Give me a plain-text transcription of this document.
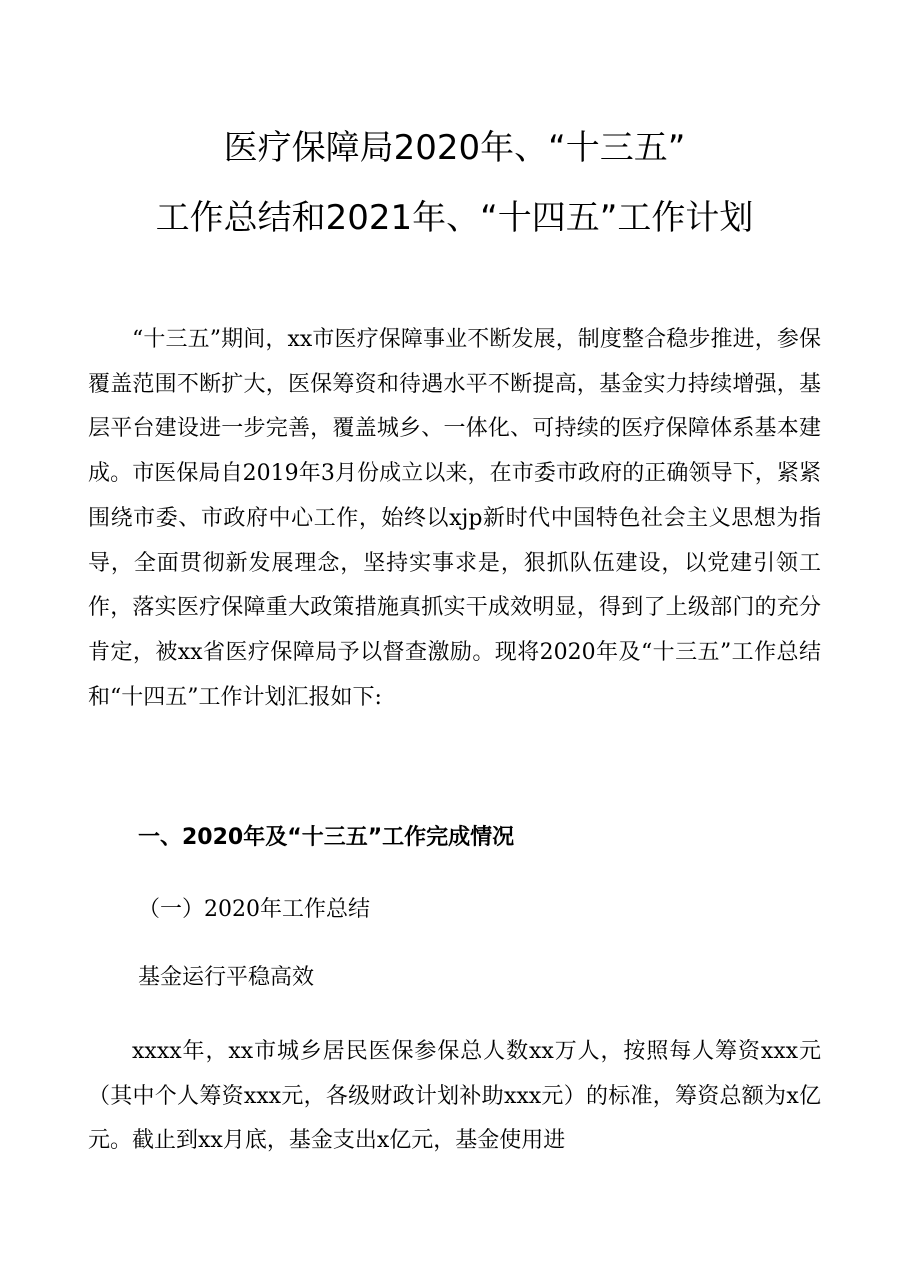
医疗保障局2020年、“十三五”
工作总结和2021年、“十四五”工作计划

“十三五”期间，xx市医疗保障事业不断发展，制度整合稳步推进，参保覆盖范围不断扩大，医保筹资和待遇水平不断提高，基金实力持续增强，基层平台建设进一步完善，覆盖城乡、一体化、可持续的医疗保障体系基本建成。市医保局自2019年3月份成立以来，在市委市政府的正确领导下，紧紧围绕市委、市政府中心工作，始终以xjp新时代中国特色社会主义思想为指导，全面贯彻新发展理念，坚持实事求是，狠抓队伍建设，以党建引领工作，落实医疗保障重大政策措施真抓实干成效明显，得到了上级部门的充分肯定，被xx省医疗保障局予以督查激励。现将2020年及“十三五”工作总结和“十四五”工作计划汇报如下:

一、2020年及“十三五”工作完成情况
（一）2020年工作总结
基金运行平稳高效

xxxx年，xx市城乡居民医保参保总人数xx万人，按照每人筹资xxx元（其中个人筹资xxx元，各级财政计划补助xxx元）的标准，筹资总额为x亿元。截止到xx月底，基金支出x亿元，基金使用进
